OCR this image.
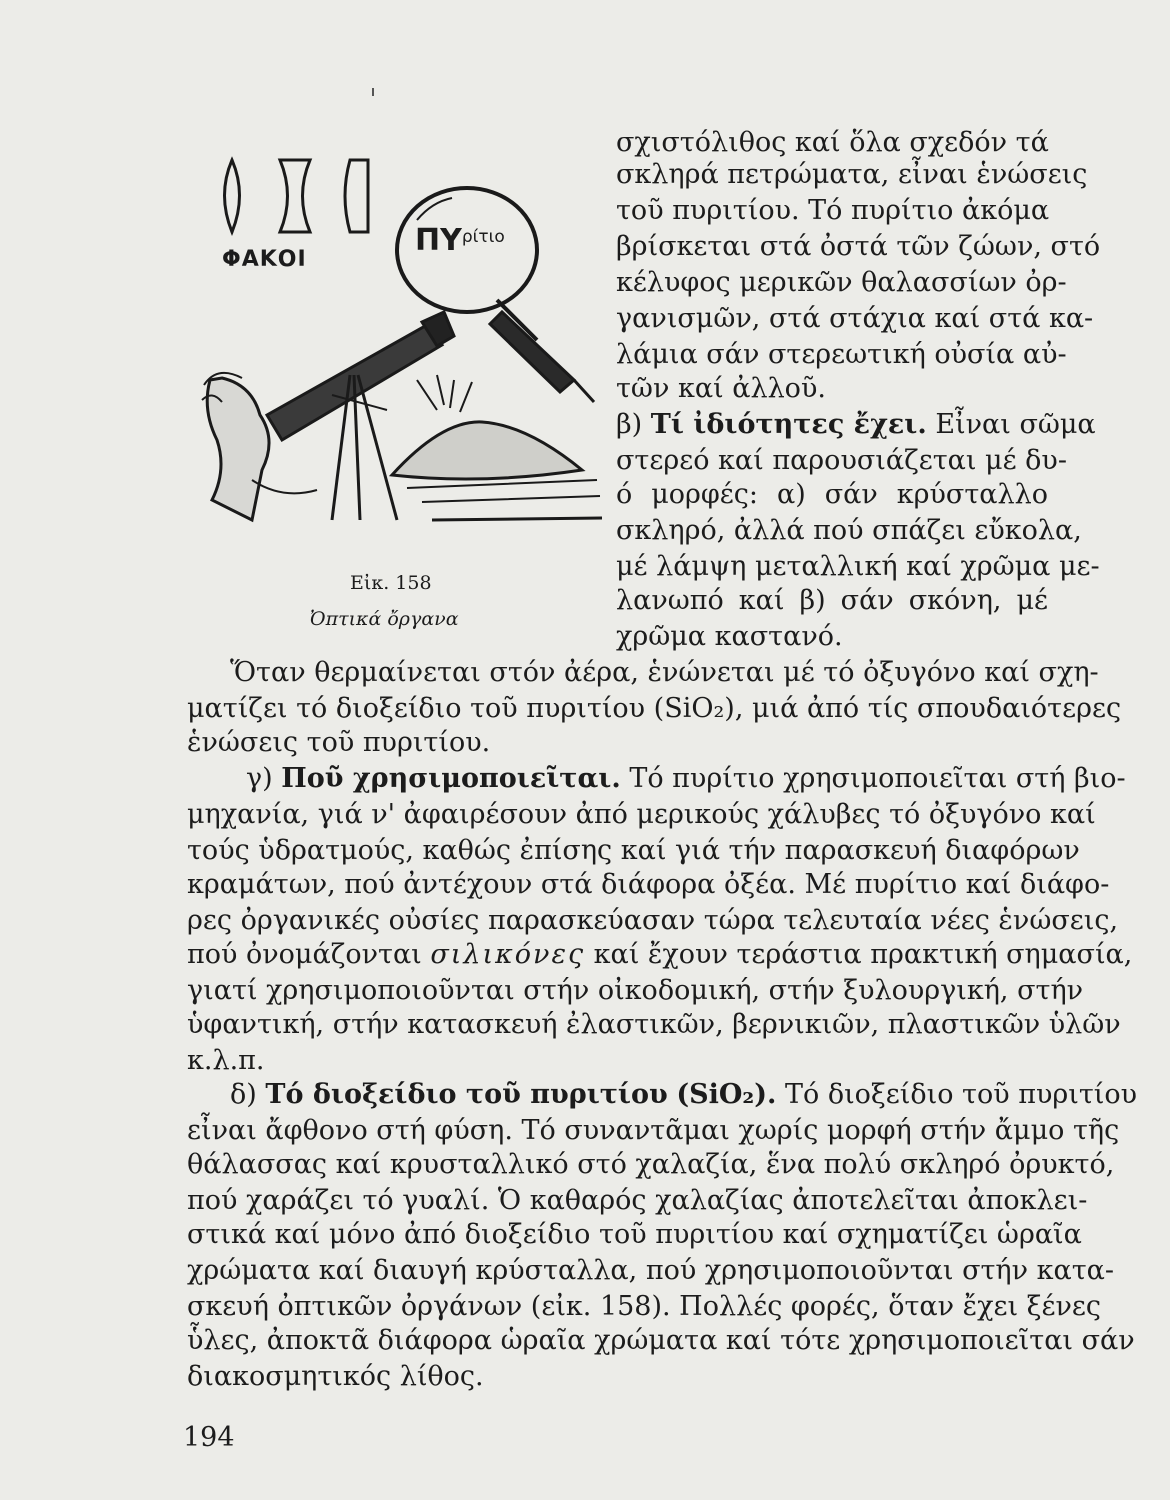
ΦΑΚΟΙ
$\Pi\Upsilon^{\rho ί\tau\iota o}$
Εἰκ. 158
Ὀπτικά ὄργανα
σχιστόλιθος καί ὅλα σχεδόν τά
σκληρά πετρώματα, εἶναι ἑνώσεις
τοῦ πυριτίου. Τό πυρίτιο ἀκόμα
βρίσκεται στά ὀστά τῶν ζώων, στό
κέλυφος μερικῶν θαλασσίων ὀρ-
γανισμῶν, στά στάχια καί στά κα-
λάμια σάν στερεωτική οὐσία αὐ-
τῶν καί ἀλλοῦ.
β) Τί ἰδιότητες ἔχει. Εἶναι σῶμα
στερεό καί παρουσιάζεται μέ δυ-
ό μορφές: α) σάν κρύσταλλο
σκληρό, ἀλλά πού σπάζει εὔκολα,
μέ λάμψη μεταλλική καί χρῶμα με-
λανωπό καί β) σάν σκόνη, μέ
χρῶμα καστανό.
Ὅταν θερμαίνεται στόν ἀέρα, ἑνώνεται μέ τό ὀξυγόνο καί σχη-
ματίζει τό διοξείδιο τοῦ πυριτίου (SiO₂), μιά ἀπό τίς σπουδαιότερες
ἑνώσεις τοῦ πυριτίου.
γ) Ποῦ χρησιμοποιεῖται. Τό πυρίτιο χρησιμοποιεῖται στή βιο-
μηχανία, γιά ν' ἀφαιρέσουν ἀπό μερικούς χάλυβες τό ὀξυγόνο καί
τούς ὑδρατμούς, καθώς ἐπίσης καί γιά τήν παρασκευή διαφόρων
κραμάτων, πού ἀντέχουν στά διάφορα ὀξέα. Μέ πυρίτιο καί διάφο-
ρες ὀργανικές οὐσίες παρασκεύασαν τώρα τελευταία νέες ἑνώσεις,
πού ὀνομάζονται σιλικόνες καί ἔχουν τεράστια πρακτική σημασία,
γιατί χρησιμοποιοῦνται στήν οἰκοδομική, στήν ξυλουργική, στήν
ὑφαντική, στήν κατασκευή ἐλαστικῶν, βερνικιῶν, πλαστικῶν ὑλῶν
κ.λ.π.
δ) Τό διοξείδιο τοῦ πυριτίου (SiO₂). Τό διοξείδιο τοῦ πυριτίου
εἶναι ἄφθονο στή φύση. Τό συναντᾶμαι χωρίς μορφή στήν ἄμμο τῆς
θάλασσας καί κρυσταλλικό στό χαλαζία, ἕνα πολύ σκληρό ὀρυκτό,
πού χαράζει τό γυαλί. Ὁ καθαρός χαλαζίας ἀποτελεῖται ἀποκλει-
στικά καί μόνο ἀπό διοξείδιο τοῦ πυριτίου καί σχηματίζει ὡραῖα
χρώματα καί διαυγή κρύσταλλα, πού χρησιμοποιοῦνται στήν κατα-
σκευή ὀπτικῶν ὀργάνων (εἰκ. 158). Πολλές φορές, ὅταν ἔχει ξένες
ὗλες, ἀποκτᾶ διάφορα ὡραῖα χρώματα καί τότε χρησιμοποιεῖται σάν
διακοσμητικός λίθος.
194
